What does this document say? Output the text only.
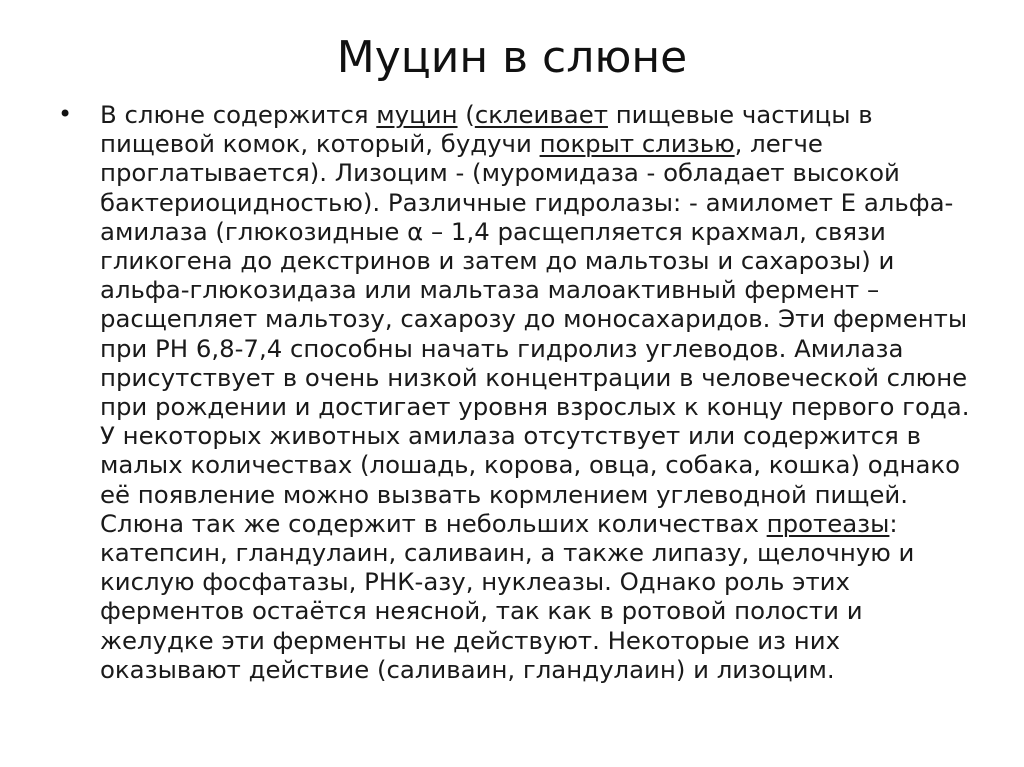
Муцин в слюне
•	В слюне содержится муцин (склеивает пищевые частицы в пищевой комок, который, будучи покрыт слизью, легче проглатывается). Лизоцим - (муромидаза - обладает высокой бактериоцидностью). Различные гидролазы: - амиломет Е альфа-амилаза (глюкозидные α – 1,4 расщепляется крахмал, связи гликогена до декстринов и затем до мальтозы и сахарозы) и альфа-глюкозидаза или мальтаза малоактивный фермент – расщепляет мальтозу, сахарозу до моносахаридов. Эти ферменты при РН 6,8-7,4 способны начать гидролиз углеводов. Амилаза присутствует в очень низкой концентрации в человеческой слюне при рождении и достигает уровня взрослых к концу первого года. У некоторых животных амилаза отсутствует или содержится в малых количествах (лошадь, корова, овца, собака, кошка) однако её появление можно вызвать кормлением углеводной пищей. Слюна так же содержит в небольших количествах протеазы: катепсин, гландулаин, саливаин, а также липазу, щелочную и кислую фосфатазы, РНК-азу, нуклеазы. Однако роль этих ферментов остаётся неясной, так как в ротовой полости и желудке эти ферменты не действуют. Некоторые из них оказывают действие (саливаин, гландулаин) и лизоцим.
